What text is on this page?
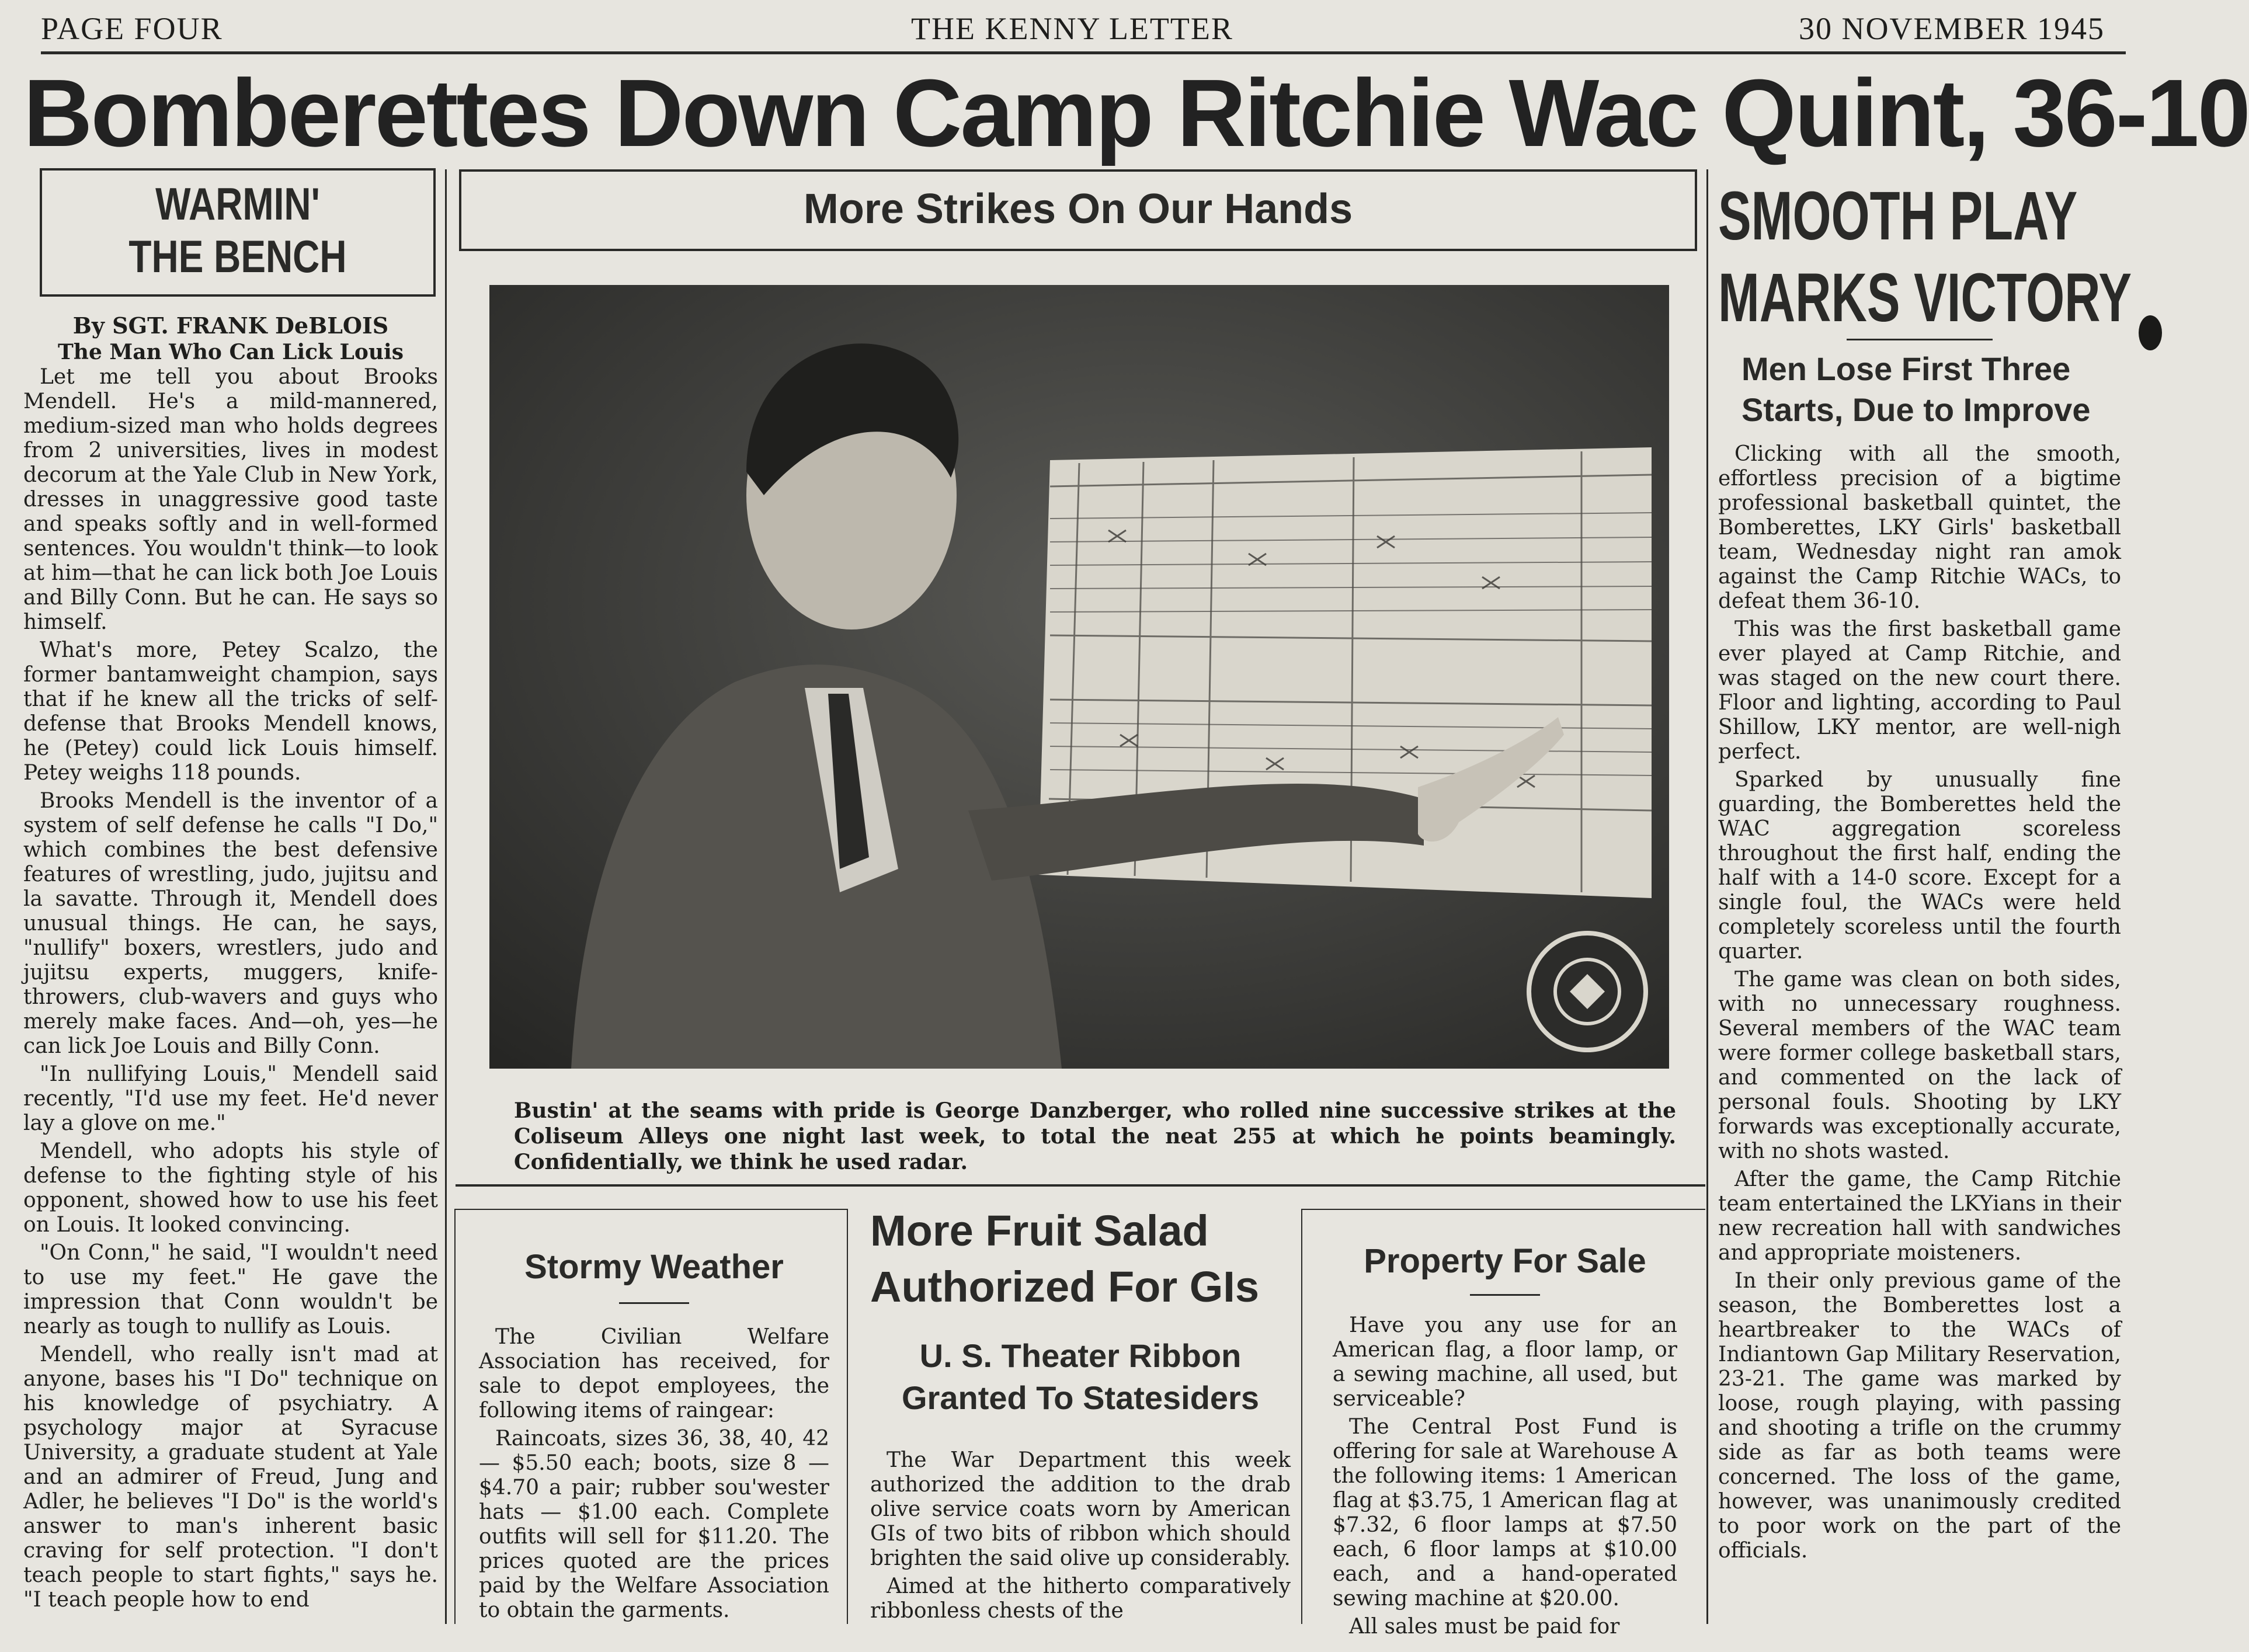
PAGE FOUR	THE KENNY LETTER	30 NOVEMBER 1945
Bomberettes Down Camp Ritchie Wac Quint, 36-10
WARMIN'
THE BENCH
By SGT. FRANK DeBLOIS
The Man Who Can Lick Louis

Let me tell you about Brooks Mendell. He's a mild-mannered, medium-sized man who holds degrees from 2 universities, lives in modest decorum at the Yale Club in New York, dresses in unaggressive good taste and speaks softly and in well-formed sentences. You wouldn't think—to look at him—that he can lick both Joe Louis and Billy Conn. But he can. He says so himself.

What's more, Petey Scalzo, the former bantamweight champion, says that if he knew all the tricks of self-defense that Brooks Mendell knows, he (Petey) could lick Louis himself. Petey weighs 118 pounds.

Brooks Mendell is the inventor of a system of self defense he calls "I Do," which combines the best defensive features of wrestling, judo, jujitsu and la savatte. Through it, Mendell does unusual things. He can, he says, "nullify" boxers, wrestlers, judo and jujitsu experts, muggers, knife-throwers, club-wavers and guys who merely make faces. And—oh, yes—he can lick Joe Louis and Billy Conn.

"In nullifying Louis," Mendell said recently, "I'd use my feet. He'd never lay a glove on me."

Mendell, who adopts his style of defense to the fighting style of his opponent, showed how to use his feet on Louis. It looked convincing.

"On Conn," he said, "I wouldn't need to use my feet." He gave the impression that Conn wouldn't be nearly as tough to nullify as Louis.

Mendell, who really isn't mad at anyone, bases his "I Do" technique on his knowledge of psychiatry. A psychology major at Syracuse University, a graduate student at Yale and an admirer of Freud, Jung and Adler, he believes "I Do" is the world's answer to man's inherent basic craving for self protection. "I don't teach people to start fights," says he. "I teach people how to end

More Strikes On Our Hands
Bustin' at the seams with pride is George Danzberger, who rolled nine successive strikes at the Coliseum Alleys one night last week, to total the neat 255 at which he points beamingly. Confidentially, we think he used radar.
Stormy Weather

The Civilian Welfare Association has received, for sale to depot employees, the following items of raingear:

Raincoats, sizes 36, 38, 40, 42 — $5.50 each; boots, size 8 — $4.70 a pair; rubber sou'wester hats — $1.00 each. Complete outfits will sell for $11.20. The prices quoted are the prices paid by the Welfare Association to obtain the garments.

More Fruit Salad
Authorized For GIs
U. S. Theater Ribbon
Granted To Statesiders

The War Department this week authorized the addition to the drab olive service coats worn by American GIs of two bits of ribbon which should brighten the said olive up considerably.

Aimed at the hitherto comparatively ribbonless chests of the

Property For Sale

Have you any use for an American flag, a floor lamp, or a sewing machine, all used, but serviceable?

The Central Post Fund is offering for sale at Warehouse A the following items: 1 American flag at $3.75, 1 American flag at $7.32, 6 floor lamps at $7.50 each, 6 floor lamps at $10.00 each, and a hand-operated sewing machine at $20.00.

All sales must be paid for

SMOOTH PLAY
MARKS VICTORY
Men Lose First Three
Starts, Due to Improve

Clicking with all the smooth, effortless precision of a bigtime professional basketball quintet, the Bomberettes, LKY Girls' basketball team, Wednesday night ran amok against the Camp Ritchie WACs, to defeat them 36-10.

This was the first basketball game ever played at Camp Ritchie, and was staged on the new court there. Floor and lighting, according to Paul Shillow, LKY mentor, are well-nigh perfect.

Sparked by unusually fine guarding, the Bomberettes held the WAC aggregation scoreless throughout the first half, ending the half with a 14-0 score. Except for a single foul, the WACs were held completely scoreless until the fourth quarter.

The game was clean on both sides, with no unnecessary roughness. Several members of the WAC team were former college basketball stars, and commented on the lack of personal fouls. Shooting by LKY forwards was exceptionally accurate, with no shots wasted.

After the game, the Camp Ritchie team entertained the LKYians in their new recreation hall with sandwiches and appropriate moisteners.

In their only previous game of the season, the Bomberettes lost a heartbreaker to the WACs of Indiantown Gap Military Reservation, 23-21. The game was marked by loose, rough playing, with passing and shooting a trifle on the crummy side as far as both teams were concerned. The loss of the game, however, was unanimously credited to poor work on the part of the officials.
